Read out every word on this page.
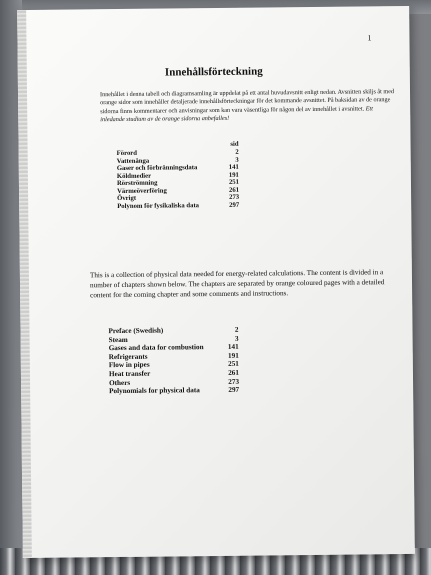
1
Innehållsförteckning
Innehållet i denna tabell och diagramsamling är uppdelat på ett antal huvudavsnitt enligt nedan. Avsnitten skiljs åt med orange sidor som innehåller detaljerade innehållsförteckningar för det kommande avsnittet. På baksidan av de orange sidorna finns kommentarer och anvisningar som kan vara väsentliga för någon del av innehållet i avsnittet. Ett inledande studium av de orange sidorna anbefalles!
sid
Förord	2
Vattenånga	3
Gaser och förbränningsdata	141
Köldmedier	191
Rörströmning	251
Värmeöverföring	261
Övrigt	273
Polynom för fysikaliska data	297
This is a collection of physical data needed for energy-related calculations. The content is divided in a number of chapters shown below. The chapters are separated by orange coloured pages with a detailed content for the coming chapter and some comments and instructions.
Preface (Swedish)	2
Steam	3
Gases and data for combustion	141
Refrigerants	191
Flow in pipes	251
Heat transfer	261
Others	273
Polynomials for physical data	297
